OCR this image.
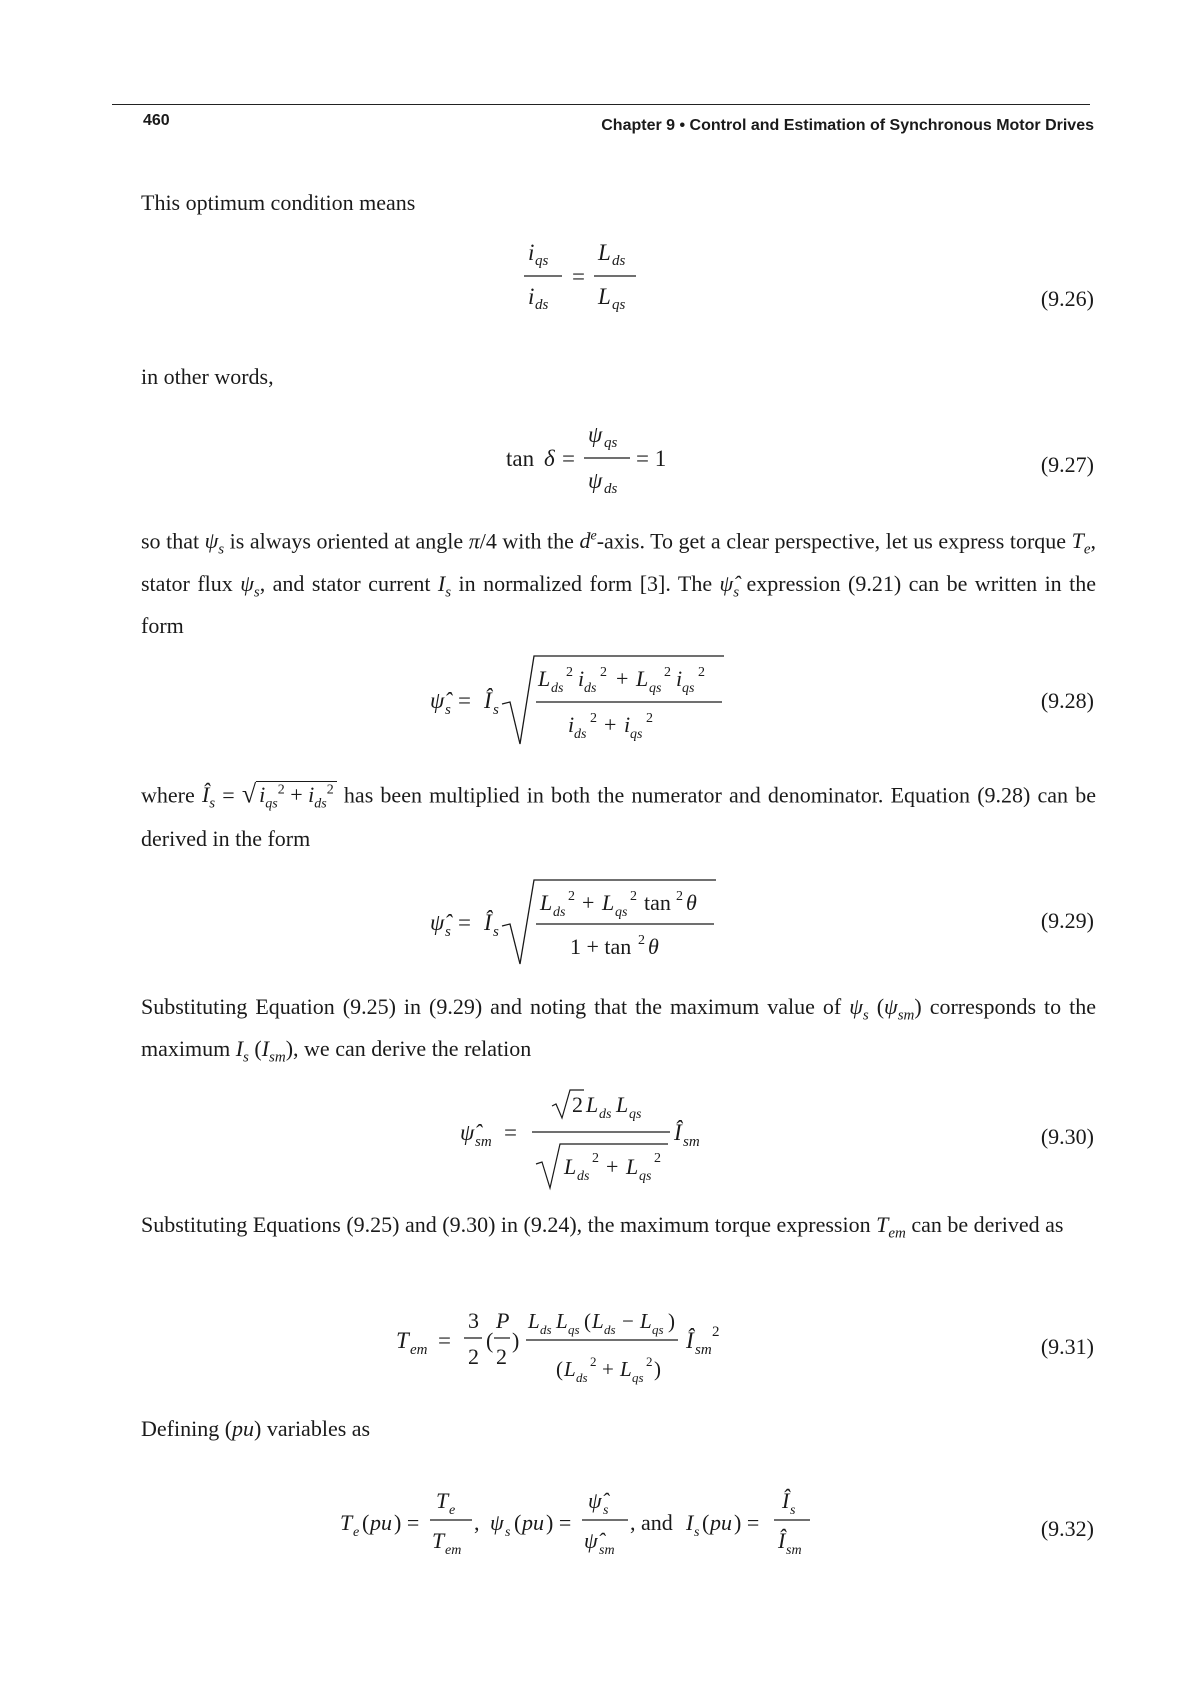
460	Chapter 9 • Control and Estimation of Synchronous Motor Drives
This optimum condition means
i qs
i ds
=
L ds
L qs	(9.26)
in other words,
tan δ =
ψ qs
ψ ds
= 1	(9.27)
so that $\psi_s$ is always oriented at angle π/4 with the $d^e$-axis. To get a clear perspective, let us express torque $T_e$, stator flux $\psi_s$, and stator current $I_s$ in normalized form [3]. The $\psî_s$ expression (9.21) can be written in the form
ψ̂ s = Î s
L ds
2 i ds
2 + L qs
2 i qs
2
i ds
2 + i qs
2
(9.28)
where $Î_s$ = √ $i_{qs}^2 + i_{ds}^2$ has been multiplied in both the numerator and denominator. Equation (9.28) can be derived in the form
ψ̂ s = Î s
L ds
2 + L qs
2 tan 2 θ
1 + tan 2 θ
(9.29)
Substituting Equation (9.25) in (9.29) and noting that the maximum value of $\psi_s$ $(\psi_{sm})$ corresponds to the maximum $I_s$ $(I_{sm})$, we can derive the relation
ψ̂ sm =
2 L ds L qs
L ds
2 + L qs
2
Î sm	(9.30)
Substituting Equations (9.25) and (9.30) in (9.24), the maximum torque expression $T_{em}$ can be derived as
T em =
3
2
(
P
2
)
L ds L qs ( L ds − L qs )
( L ds
2 + L qs
2 )
Î sm
2
(9.31)
Defining (pu) variables as
T e ( pu ) =
T e
T em
, ψ s ( pu ) =
ψ̂ s
ψ̂ sm
, and I s ( pu ) =
Î s
Î sm
(9.32)
